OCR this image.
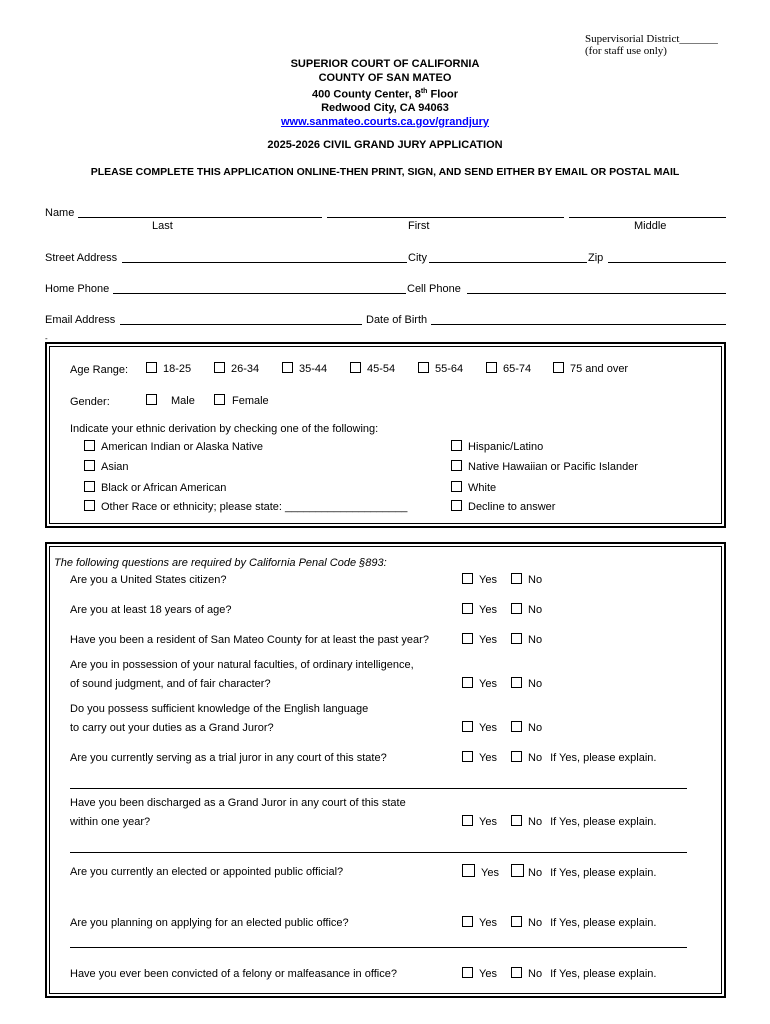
Supervisorial District_______
(for staff use only)
SUPERIOR COURT OF CALIFORNIA
COUNTY OF SAN MATEO
400 County Center, 8th Floor
Redwood City, CA 94063
www.sanmateo.courts.ca.gov/grandjury
2025-2026 CIVIL GRAND JURY APPLICATION
PLEASE COMPLETE THIS APPLICATION ONLINE-THEN PRINT, SIGN, AND SEND EITHER BY EMAIL OR POSTAL MAIL
Name
Last	First	Middle
Street Address	City	Zip
Home Phone	Cell Phone
Email Address	Date of Birth
-
Age Range:	18-25	26-34	35-44	45-54	55-64	65-74	75 and over
Gender:	Male	Female
Indicate your ethnic derivation by checking one of the following:
American Indian or Alaska Native
Asian
Black or African American
Other Race or ethnicity; please state: ____________________
Hispanic/Latino
Native Hawaiian or Pacific Islander
White
Decline to answer
The following questions are required by California Penal Code §893:
Are you a United States citizen?	Yes	No
Are you at least 18 years of age?	Yes	No
Have you been a resident of San Mateo County for at least the past year?	Yes	No
Are you in possession of your natural faculties, of ordinary intelligence,
of sound judgment, and of fair character?	Yes	No
Do you possess sufficient knowledge of the English language
to carry out your duties as a Grand Juror?	Yes	No
Are you currently serving as a trial juror in any court of this state?	Yes	No If Yes, please explain.
Have you been discharged as a Grand Juror in any court of this state
within one year?	Yes	No If Yes, please explain.
Are you currently an elected or appointed public official?	Yes	No If Yes, please explain.
Are you planning on applying for an elected public office?	Yes	No If Yes, please explain.
Have you ever been convicted of a felony or malfeasance in office?	Yes	No If Yes, please explain.
